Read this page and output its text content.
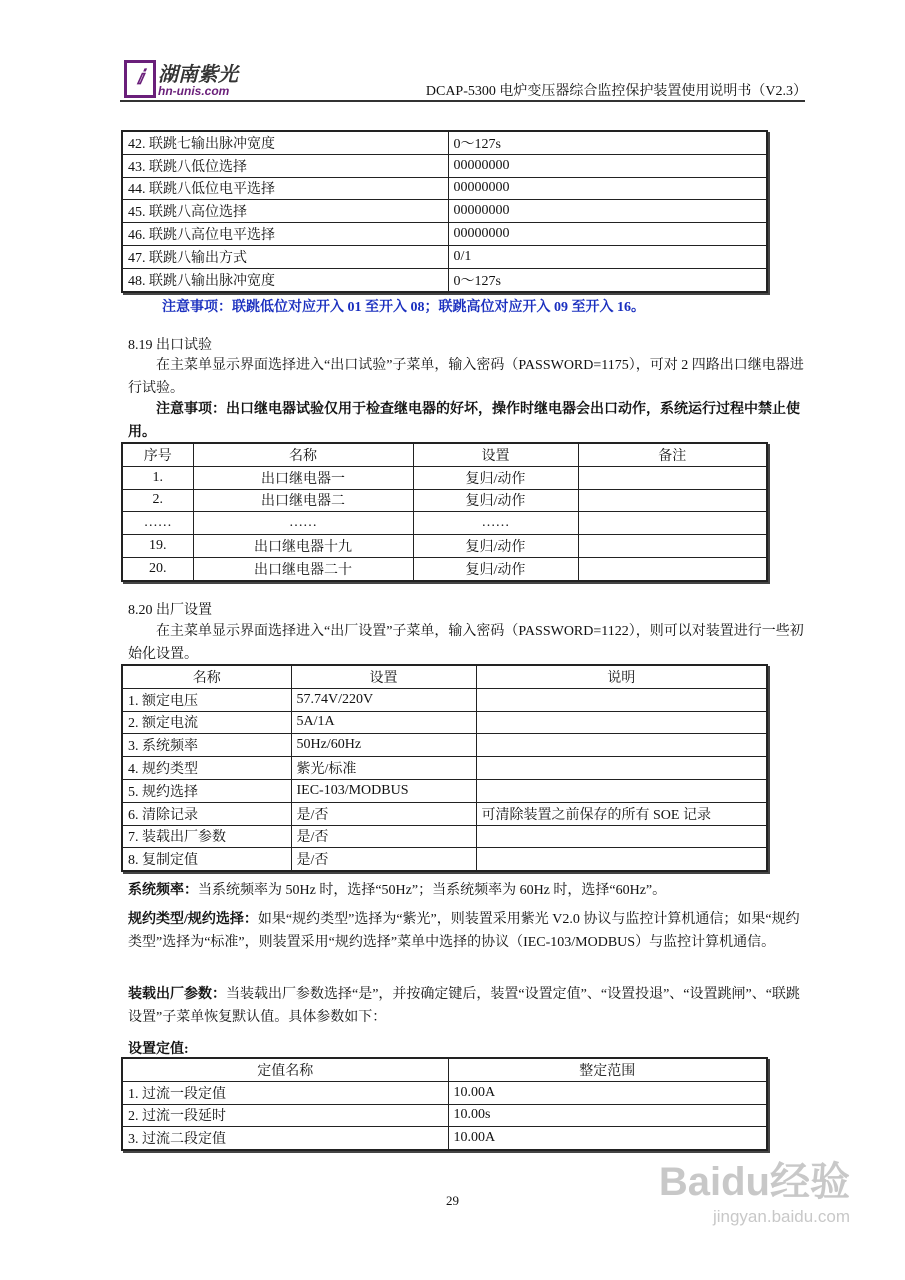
ⅈ 湖南紫光
hn-unis.com	DCAP-5300 电炉变压器综合监控保护装置使用说明书（V2.3）
42. 联跳七输出脉冲宽度	0～127s
43. 联跳八低位选择	00000000
44. 联跳八低位电平选择	00000000
45. 联跳八高位选择	00000000
46. 联跳八高位电平选择	00000000
47. 联跳八输出方式	0/1
48. 联跳八输出脉冲宽度	0～127s
注意事项：联跳低位对应开入 01 至开入 08；联跳高位对应开入 09 至开入 16。
8.19 出口试验
在主菜单显示界面选择进入“出口试验”子菜单，输入密码（PASSWORD=1175），可对 2 四路出口继电器进行试验。
注意事项：出口继电器试验仅用于检查继电器的好坏，操作时继电器会出口动作，系统运行过程中禁止使用。
序号	名称	设置	备注
1.	出口继电器一	复归/动作	
2.	出口继电器二	复归/动作	
……	……	……	
19.	出口继电器十九	复归/动作	
20.	出口继电器二十	复归/动作	
8.20 出厂设置
在主菜单显示界面选择进入“出厂设置”子菜单，输入密码（PASSWORD=1122），则可以对装置进行一些初始化设置。
名称	设置	说明
1. 额定电压	57.74V/220V	
2. 额定电流	5A/1A	
3. 系统频率	50Hz/60Hz	
4. 规约类型	紫光/标准	
5. 规约选择	IEC-103/MODBUS	
6. 清除记录	是/否	可清除装置之前保存的所有 SOE 记录
7. 装载出厂参数	是/否	
8. 复制定值	是/否	
系统频率：当系统频率为 50Hz 时，选择“50Hz”；当系统频率为 60Hz 时，选择“60Hz”。
规约类型/规约选择：如果“规约类型”选择为“紫光”，则装置采用紫光 V2.0 协议与监控计算机通信；如果“规约类型”选择为“标准”，则装置采用“规约选择”菜单中选择的协议（IEC-103/MODBUS）与监控计算机通信。
装载出厂参数：当装载出厂参数选择“是”，并按确定键后，装置“设置定值”、“设置投退”、“设置跳闸”、“联跳设置”子菜单恢复默认值。具体参数如下：
设置定值:
定值名称	整定范围
1. 过流一段定值	10.00A
2. 过流一段延时	10.00s
3. 过流二段定值	10.00A
29	Baidu经验
jingyan.baidu.com
